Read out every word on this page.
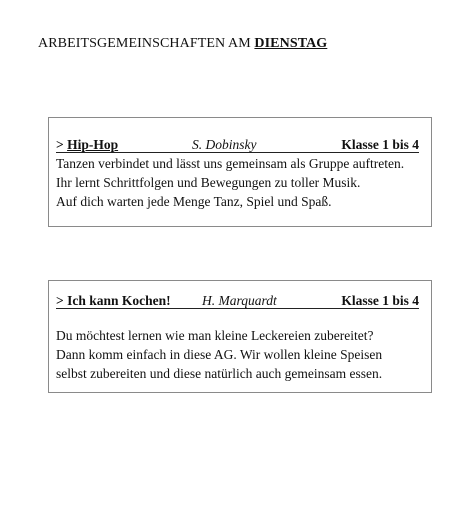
ARBEITSGEMEINSCHAFTEN AM DIENSTAG
> Hip-Hop	S. Dobinsky	Klasse 1 bis 4
Tanzen verbindet und lässt uns gemeinsam als Gruppe auftreten.
Ihr lernt Schrittfolgen und Bewegungen zu toller Musik.
Auf dich warten jede Menge Tanz, Spiel und Spaß.
> Ich kann Kochen! H. Marquardt	Klasse 1 bis 4
Du möchtest lernen wie man kleine Leckereien zubereitet?
Dann komm einfach in diese AG. Wir wollen kleine Speisen
selbst zubereiten und diese natürlich auch gemeinsam essen.
